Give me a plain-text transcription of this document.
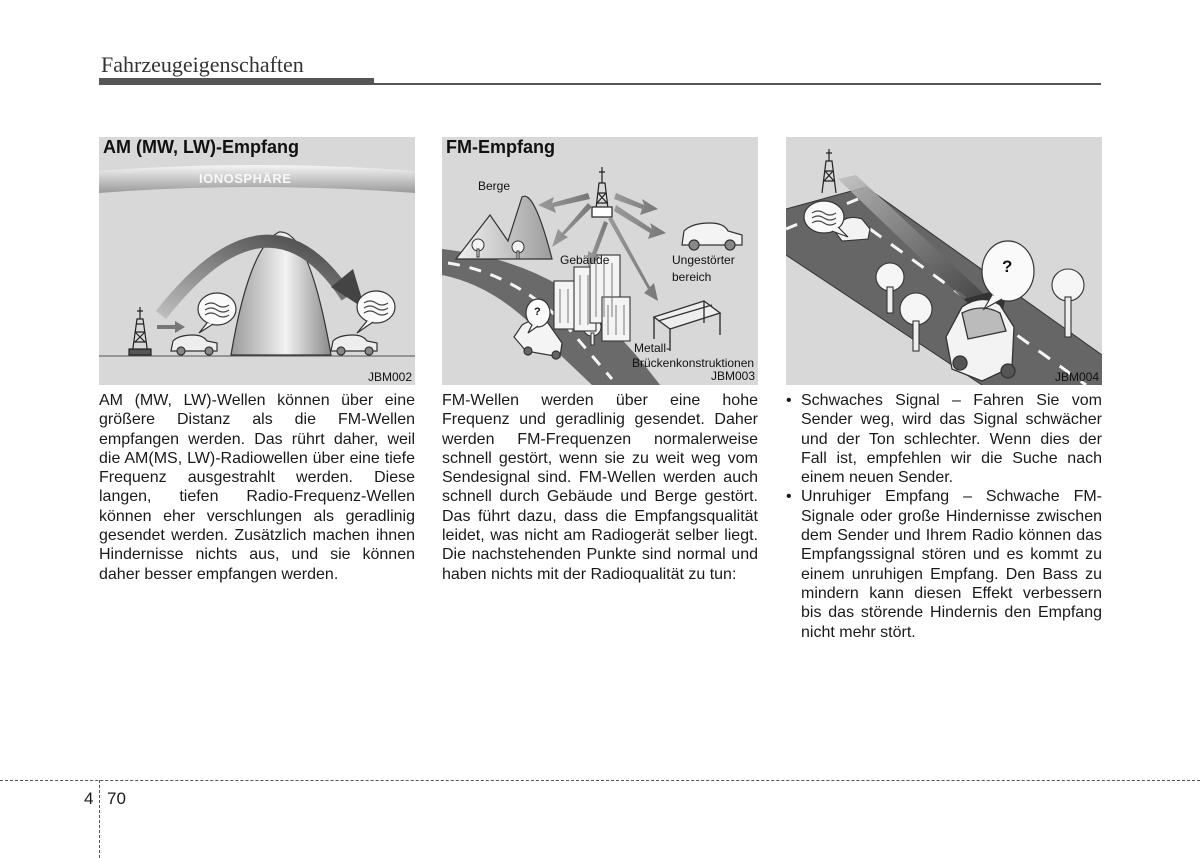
Fahrzeugeigenschaften
AM (MW, LW)-Empfang
IONOSPHÄRE
JBM002
FM-Empfang
Berge
Gebäude	Ungestörter
bereich
Metall-
Brückenkonstruktionen
?
JBM003
?
JBM004
AM (MW, LW)-Wellen können über eine größere Distanz als die FM-Wellen empfangen werden. Das rührt daher, weil die AM(MS, LW)-Radiowellen über eine tiefe Frequenz ausgestrahlt werden. Diese langen, tiefen Radio-Frequenz-Wellen können eher verschlungen als geradlinig gesendet werden. Zusätzlich machen ihnen Hindernisse nichts aus, und sie können daher besser empfangen werden.
FM-Wellen werden über eine hohe Frequenz und geradlinig gesendet. Daher werden FM-Frequenzen normalerweise schnell gestört, wenn sie zu weit weg vom Sendesignal sind. FM-Wellen werden auch schnell durch Gebäude und Berge gestört. Das führt dazu, dass die Empfangsqualität leidet, was nicht am Radiogerät selber liegt. Die nachstehenden Punkte sind normal und haben nichts mit der Radioqualität zu tun:
• Schwaches Signal – Fahren Sie vom Sender weg, wird das Signal schwächer und der Ton schlechter. Wenn dies der Fall ist, empfehlen wir die Suche nach einem neuen Sender.
• Unruhiger Empfang – Schwache FM-Signale oder große Hindernisse zwischen dem Sender und Ihrem Radio können das Empfangssignal stören und es kommt zu einem unruhigen Empfang. Den Bass zu mindern kann diesen Effekt verbessern bis das störende Hindernis den Empfang nicht mehr stört.
4 70
